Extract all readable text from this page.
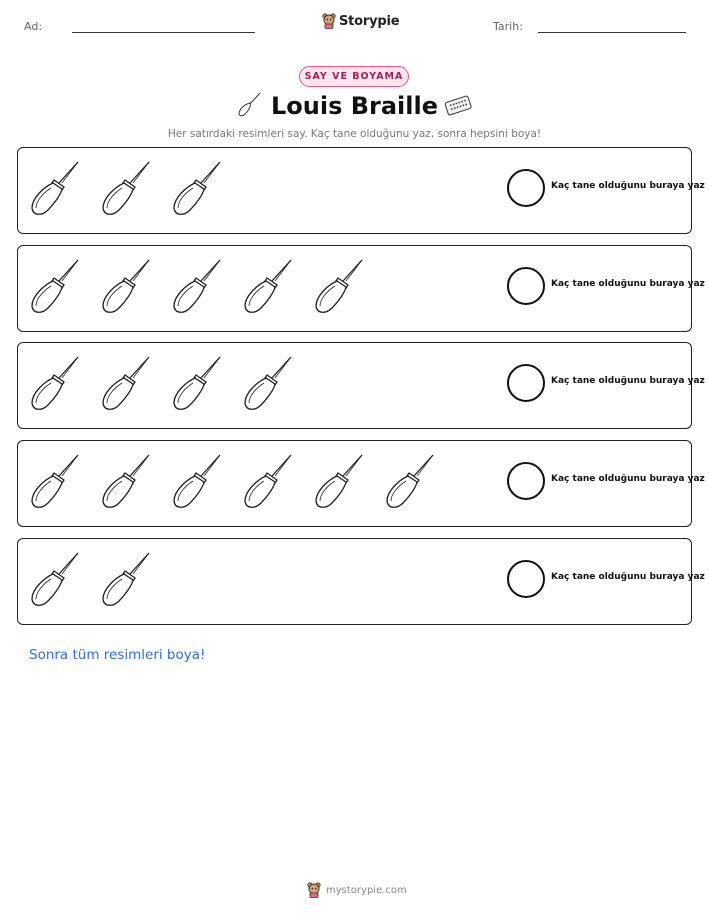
Ad:	Storypie	Tarih:
SAY VE BOYAMA
Louis Braille
Her satırdaki resimleri say. Kaç tane olduğunu yaz, sonra hepsini boya!
Kaç tane olduğunu buraya yaz
Kaç tane olduğunu buraya yaz
Kaç tane olduğunu buraya yaz
Kaç tane olduğunu buraya yaz
Kaç tane olduğunu buraya yaz
Sonra tüm resimleri boya!
mystorypie.com
